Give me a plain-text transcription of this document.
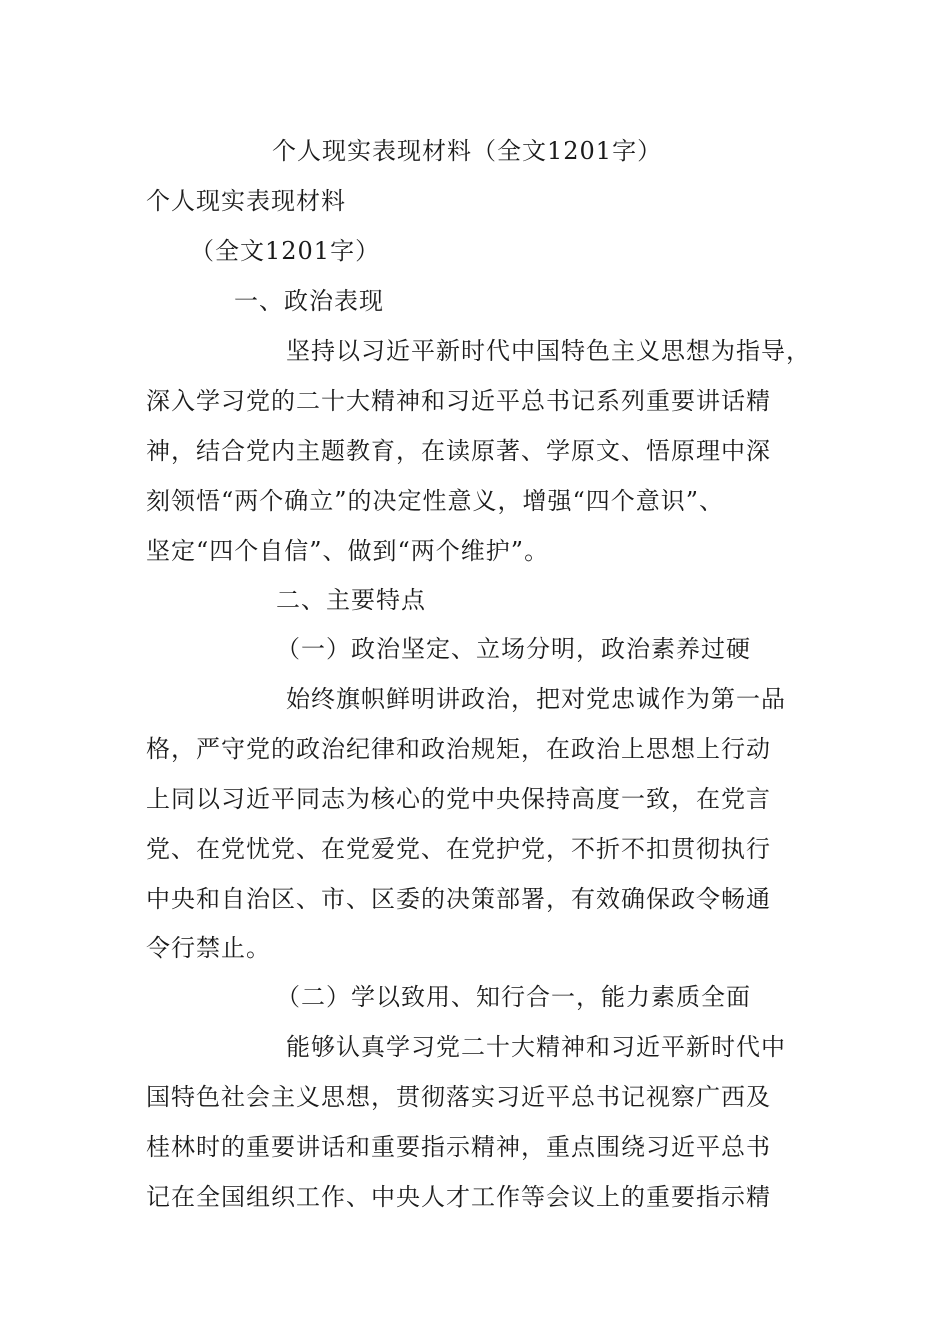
个人现实表现材料（全文1201字）
个人现实表现材料
（全文1201字）
一、政治表现
坚持以习近平新时代中国特色主义思想为指导，
深入学习党的二十大精神和习近平总书记系列重要讲话精
神，结合党内主题教育，在读原著、学原文、悟原理中深
刻领悟“两个确立”的决定性意义，增强“四个意识”、
坚定“四个自信”、做到“两个维护”。
二、主要特点
（一）政治坚定、立场分明，政治素养过硬
始终旗帜鲜明讲政治，把对党忠诚作为第一品
格，严守党的政治纪律和政治规矩，在政治上思想上行动
上同以习近平同志为核心的党中央保持高度一致，在党言
党、在党忧党、在党爱党、在党护党，不折不扣贯彻执行
中央和自治区、市、区委的决策部署，有效确保政令畅通
令行禁止。
（二）学以致用、知行合一，能力素质全面
能够认真学习党二十大精神和习近平新时代中
国特色社会主义思想，贯彻落实习近平总书记视察广西及
桂林时的重要讲话和重要指示精神，重点围绕习近平总书
记在全国组织工作、中央人才工作等会议上的重要指示精
